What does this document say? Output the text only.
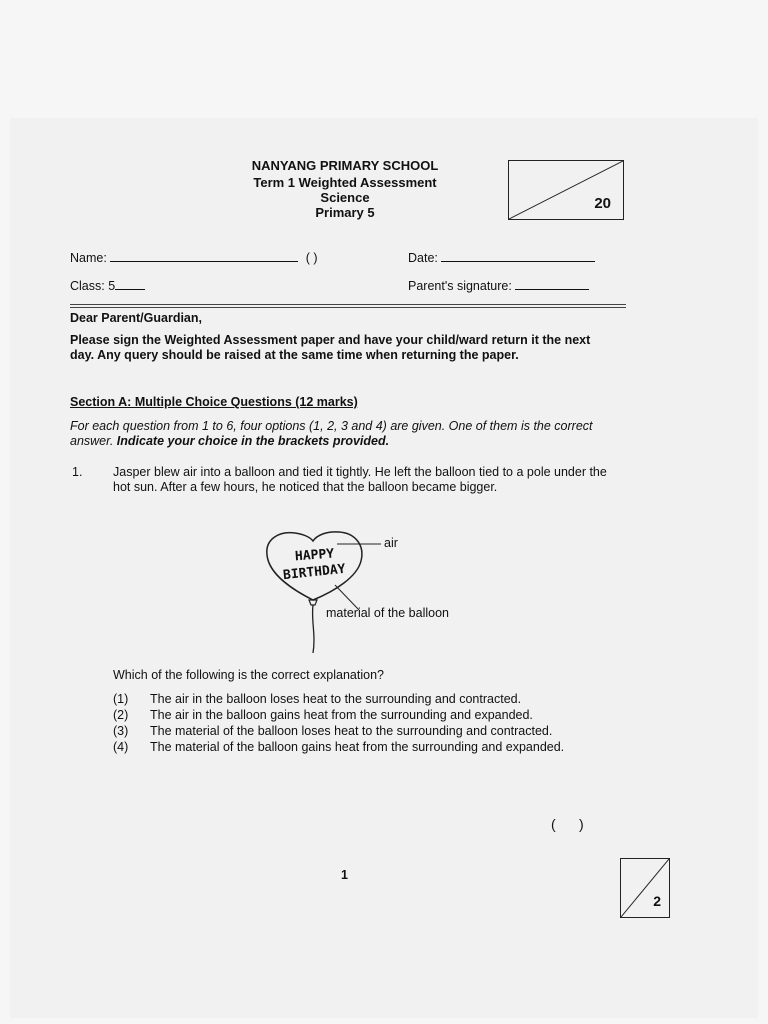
NANYANG PRIMARY SCHOOL
Term 1 Weighted Assessment
Science
Primary 5
20
Name:	( )	Date:
Class: 5	Parent's signature:
Dear Parent/Guardian,
Please sign the Weighted Assessment paper and have your child/ward return it the next
day. Any query should be raised at the same time when returning the paper.
Section A: Multiple Choice Questions (12 marks)
For each question from 1 to 6, four options (1, 2, 3 and 4) are given. One of them is the correct
answer. Indicate your choice in the brackets provided.
1. Jasper blew air into a balloon and tied it tightly. He left the balloon tied to a pole under the
hot sun. After a few hours, he noticed that the balloon became bigger.
HAPPY
BIRTHDAY
air
material of the balloon
Which of the following is the correct explanation?
(1) The air in the balloon loses heat to the surrounding and contracted.
(2) The air in the balloon gains heat from the surrounding and expanded.
(3) The material of the balloon loses heat to the surrounding and contracted.
(4) The material of the balloon gains heat from the surrounding and expanded.
(      )
1
2
